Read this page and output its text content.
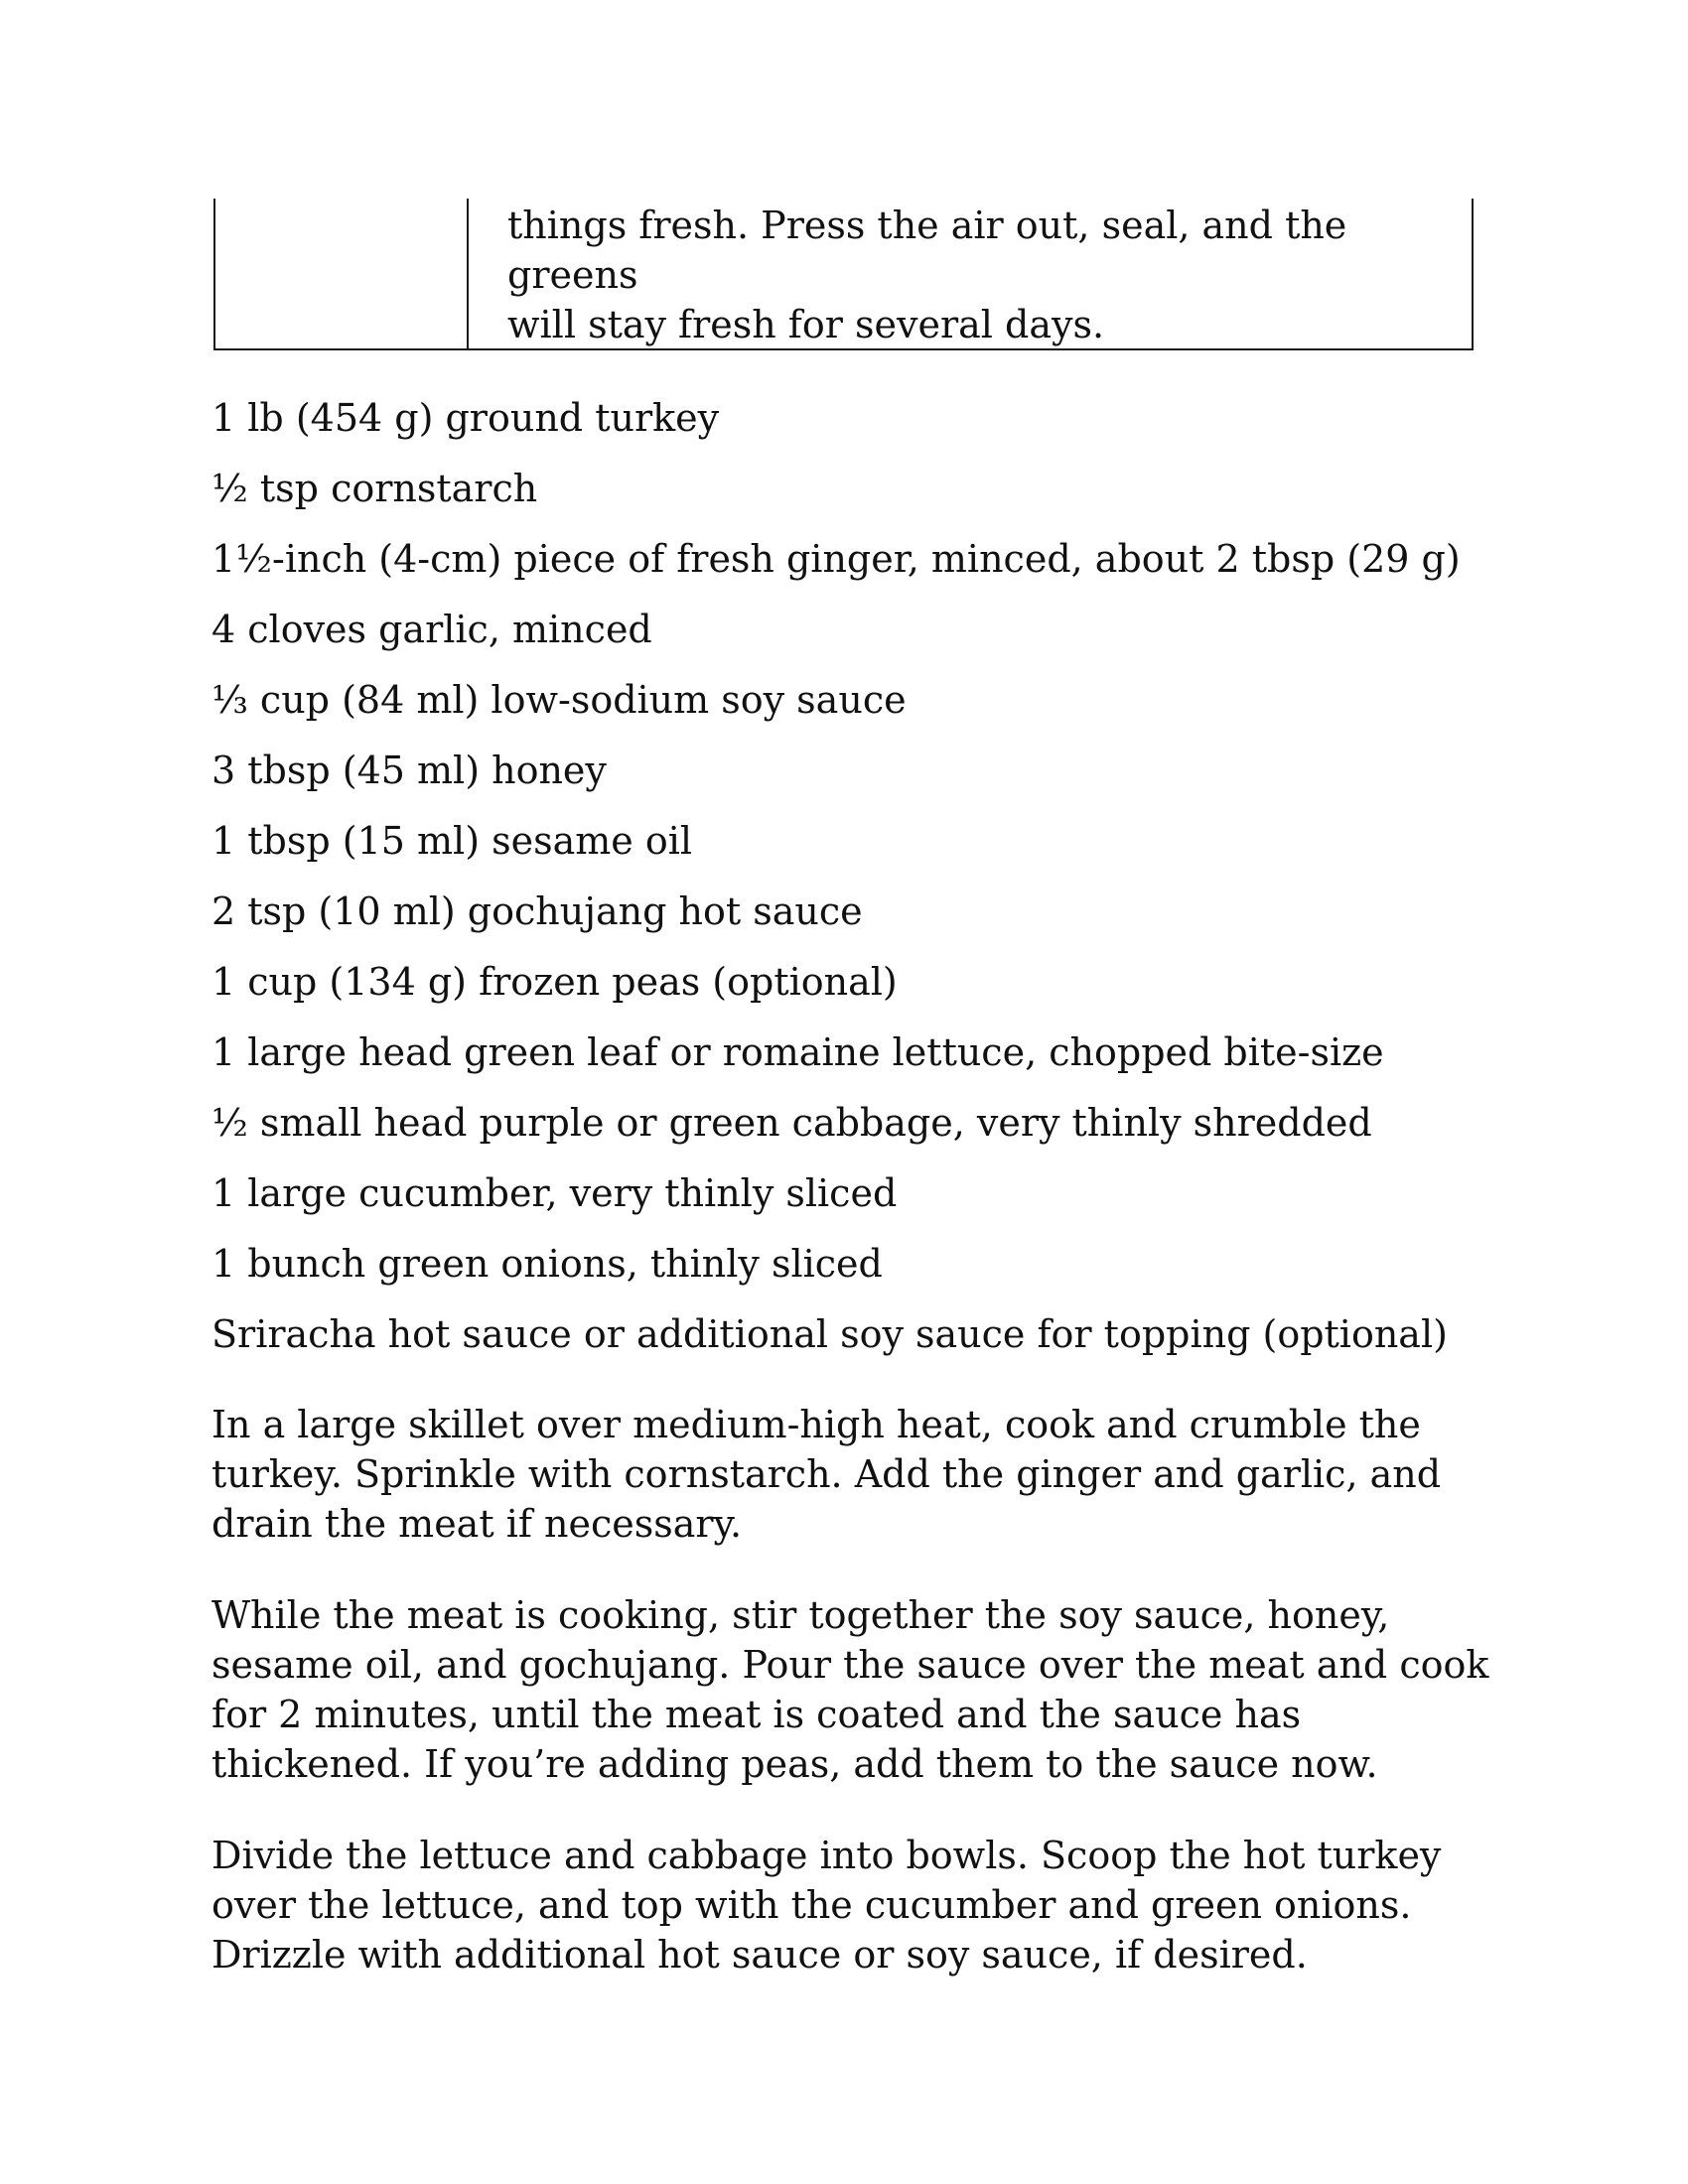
things fresh. Press the air out, seal, and the greens
will stay fresh for several days.

1 lb (454 g) ground turkey
½ tsp cornstarch
1½-inch (4-cm) piece of fresh ginger, minced, about 2 tbsp (29 g)
4 cloves garlic, minced
⅓ cup (84 ml) low-sodium soy sauce
3 tbsp (45 ml) honey
1 tbsp (15 ml) sesame oil
2 tsp (10 ml) gochujang hot sauce
1 cup (134 g) frozen peas (optional)
1 large head green leaf or romaine lettuce, chopped bite-size
½ small head purple or green cabbage, very thinly shredded
1 large cucumber, very thinly sliced
1 bunch green onions, thinly sliced
Sriracha hot sauce or additional soy sauce for topping (optional)

In a large skillet over medium-high heat, cook and crumble the turkey. Sprinkle with cornstarch. Add the ginger and garlic, and drain the meat if necessary.

While the meat is cooking, stir together the soy sauce, honey, sesame oil, and gochujang. Pour the sauce over the meat and cook for 2 minutes, until the meat is coated and the sauce has thickened. If you’re adding peas, add them to the sauce now.

Divide the lettuce and cabbage into bowls. Scoop the hot turkey over the lettuce, and top with the cucumber and green onions. Drizzle with additional hot sauce or soy sauce, if desired.
